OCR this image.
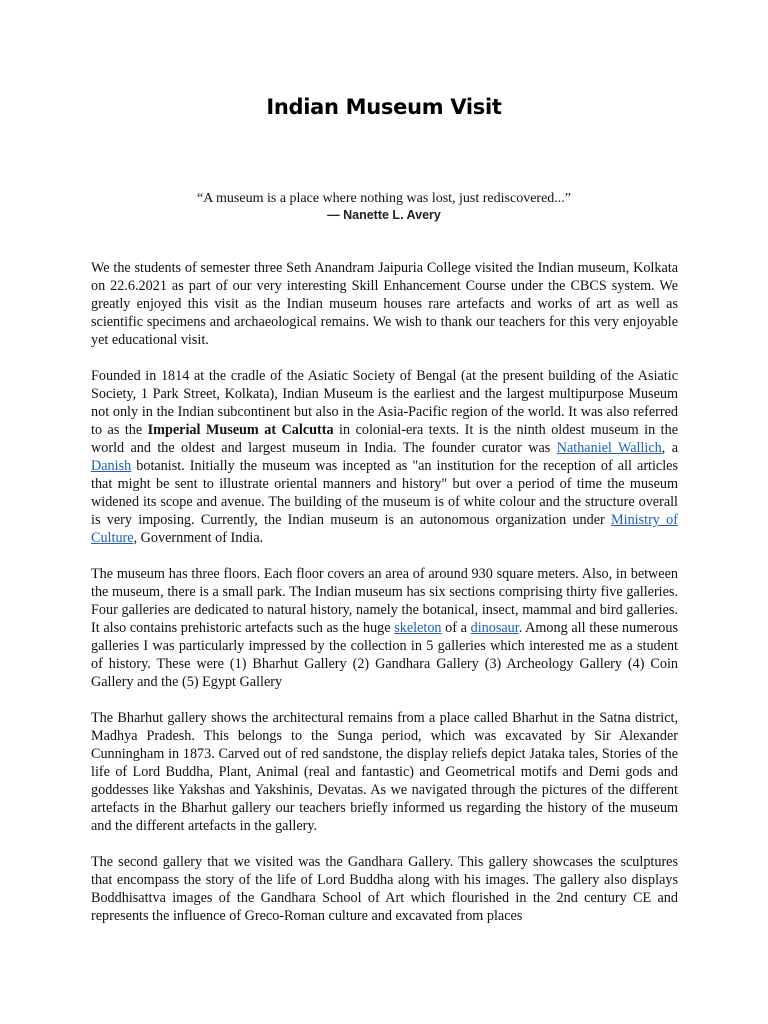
Indian Museum Visit
“A museum is a place where nothing was lost, just rediscovered...”
— Nanette L. Avery

We the students of semester three Seth Anandram Jaipuria College visited the Indian museum, Kolkata on 22.6.2021 as part of our very interesting Skill Enhancement Course under the CBCS system. We greatly enjoyed this visit as the Indian museum houses rare artefacts and works of art as well as scientific specimens and archaeological remains. We wish to thank our teachers for this very enjoyable yet educational visit.

Founded in 1814 at the cradle of the Asiatic Society of Bengal (at the present building of the Asiatic Society, 1 Park Street, Kolkata), Indian Museum is the earliest and the largest multipurpose Museum not only in the Indian subcontinent but also in the Asia-Pacific region of the world. It was also referred to as the Imperial Museum at Calcutta in colonial-era texts. It is the ninth oldest museum in the world and the oldest and largest museum in India. The founder curator was Nathaniel Wallich, a Danish botanist. Initially the museum was incepted as "an institution for the reception of all articles that might be sent to illustrate oriental manners and history" but over a period of time the museum widened its scope and avenue. The building of the museum is of white colour and the structure overall is very imposing. Currently, the Indian museum is an autonomous organization under Ministry of Culture, Government of India.

The museum has three floors. Each floor covers an area of around 930 square meters. Also, in between the museum, there is a small park. The Indian museum has six sections comprising thirty five galleries. Four galleries are dedicated to natural history, namely the botanical, insect, mammal and bird galleries. It also contains prehistoric artefacts such as the huge skeleton of a dinosaur. Among all these numerous galleries I was particularly impressed by the collection in 5 galleries which interested me as a student of history. These were (1) Bharhut Gallery (2) Gandhara Gallery (3) Archeology Gallery (4) Coin Gallery and the (5) Egypt Gallery

The Bharhut gallery shows the architectural remains from a place called Bharhut in the Satna district, Madhya Pradesh. This belongs to the Sunga period, which was excavated by Sir Alexander Cunningham in 1873. Carved out of red sandstone, the display reliefs depict Jataka tales, Stories of the life of Lord Buddha, Plant, Animal (real and fantastic) and Geometrical motifs and Demi gods and goddesses like Yakshas and Yakshinis, Devatas. As we navigated through the pictures of the different artefacts in the Bharhut gallery our teachers briefly informed us regarding the history of the museum and the different artefacts in the gallery.

The second gallery that we visited was the Gandhara Gallery. This gallery showcases the sculptures that encompass the story of the life of Lord Buddha along with his images. The gallery also displays Boddhisattva images of the Gandhara School of Art which flourished in the 2nd century CE and represents the influence of Greco-Roman culture and excavated from places
